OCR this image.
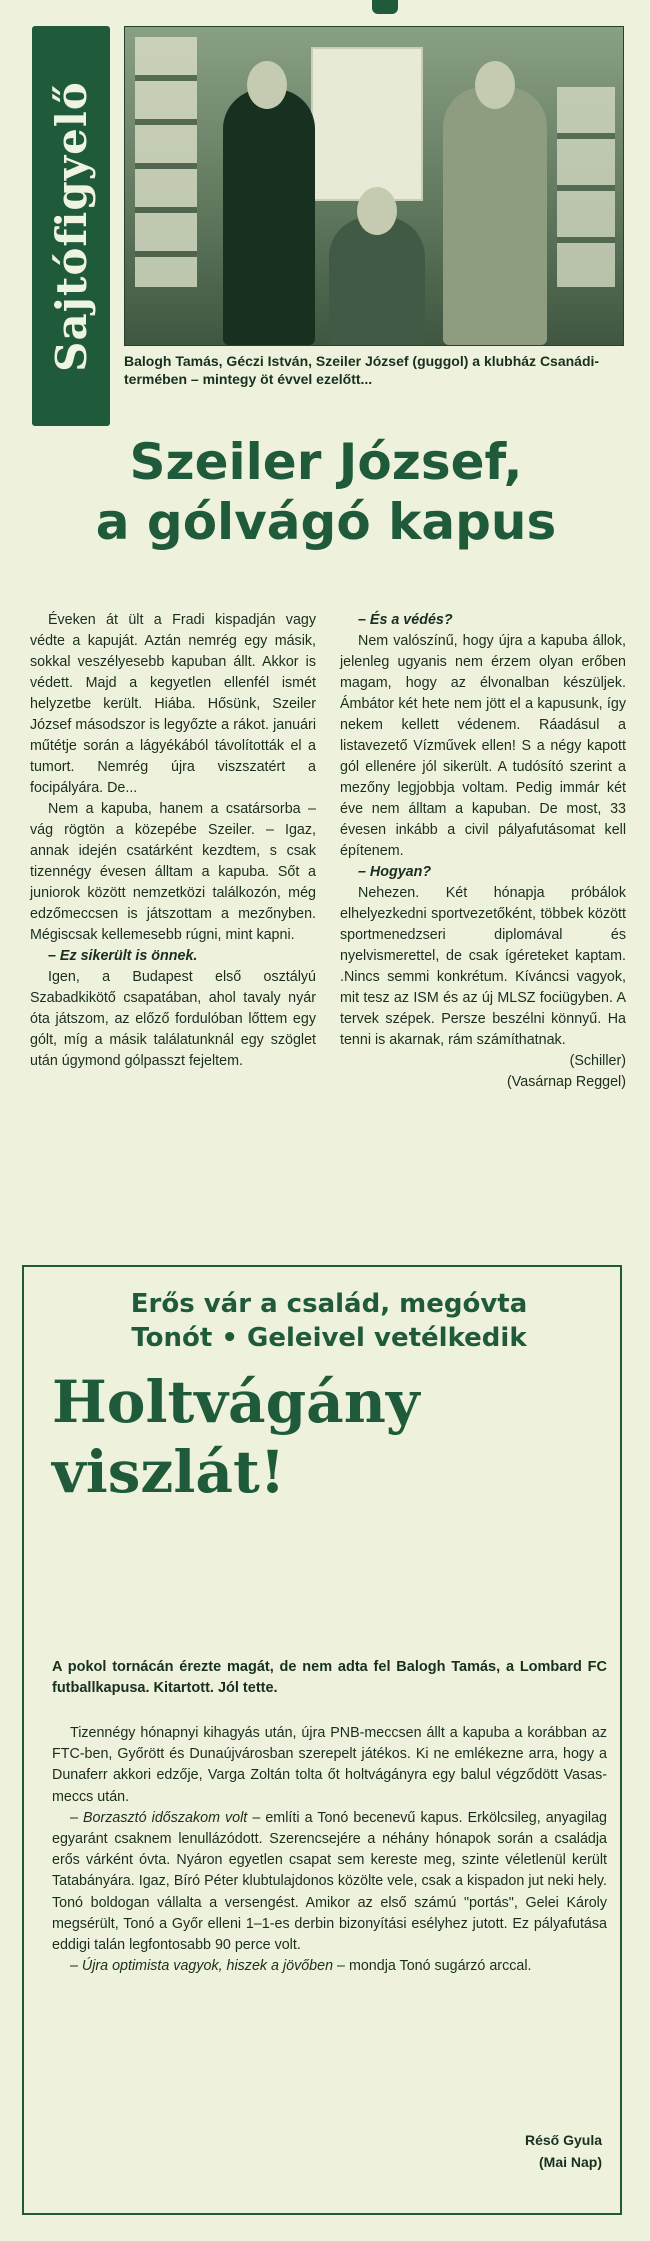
Sajtófigyelő Balogh Tamás, Géczi István, Szeiler József (guggol) a klubház Csanádi-termében – mintegy öt évvel ezelőtt...
Szeiler József,
a gólvágó kapus

Éveken át ült a Fradi kispadján vagy védte a kapuját. Aztán nemrég egy másik, sokkal veszélyesebb kapuban állt. Akkor is védett. Majd a kegyetlen ellenfél ismét helyzetbe került. Hiába. Hősünk, Szeiler József másodszor is legyőzte a rákot. januári műtétje során a lágyékából távolították el a tumort. Nemrég újra viszszatért a focipályára. De...

Nem a kapuba, hanem a csatársorba – vág rögtön a közepébe Szeiler. – Igaz, annak idején csatárként kezdtem, s csak tizennégy évesen álltam a kapuba. Sőt a juniorok között nemzetközi találkozón, még edzőmeccsen is játszottam a mezőnyben. Mégiscsak kellemesebb rúgni, mint kapni.

– Ez sikerült is önnek.

Igen, a Budapest első osztályú Szabadkikötő csapatában, ahol tavaly nyár óta játszom, az előző fordulóban lőttem egy gólt, míg a másik találatunknál egy szöglet után úgymond gólpasszt fejeltem.

– És a védés?

Nem valószínű, hogy újra a kapuba állok, jelenleg ugyanis nem érzem olyan erőben magam, hogy az élvonalban készüljek. Ámbátor két hete nem jött el a kapusunk, így nekem kellett védenem. Ráadásul a listavezető Vízművek ellen! S a négy kapott gól ellenére jól sikerült. A tudósító szerint a mezőny legjobbja voltam. Pedig immár két éve nem álltam a kapuban. De most, 33 évesen inkább a civil pályafutásomat kell építenem.

– Hogyan?

Nehezen. Két hónapja próbálok elhelyezkedni sportvezetőként, többek között sportmenedzseri diplomával és nyelvismerettel, de csak ígéreteket kaptam. .Nincs semmi konkrétum. Kíváncsi vagyok, mit tesz az ISM és az új MLSZ fociügyben. A tervek szépek. Persze beszélni könnyű. Ha tenni is akarnak, rám számíthatnak.

(Schiller)

(Vasárnap Reggel)

Erős vár a család, megóvta
Tonót • Geleivel vetélkedik
Holtvágány
viszlát!
A pokol tornácán érezte magát, de nem adta fel Balogh Tamás, a Lombard FC futballkapusa. Kitartott. Jól tette.

Tizennégy hónapnyi kihagyás után, újra PNB-meccsen állt a kapuba a korábban az FTC-ben, Győrött és Dunaújvárosban szerepelt játékos. Ki ne emlékezne arra, hogy a Dunaferr akkori edzője, Varga Zoltán tolta őt holtvágányra egy balul végződött Vasas-meccs után.

– Borzasztó időszakom volt – említi a Tonó becenevű kapus. Erkölcsileg, anyagilag egyaránt csaknem lenullázódott. Szerencsejére a néhány hónapok során a családja erős várként óvta. Nyáron egyetlen csapat sem kereste meg, szinte véletlenül került Tatabányára. Igaz, Bíró Péter klubtulajdonos közölte vele, csak a kispadon jut neki hely. Tonó boldogan vállalta a versengést. Amikor az első számú "portás", Gelei Károly megsérült, Tonó a Győr elleni 1–1-es derbin bizonyítási esélyhez jutott. Ez pályafutása eddigi talán legfontosabb 90 perce volt.

– Újra optimista vagyok, hiszek a jövőben – mondja Tonó sugárzó arccal.

Réső Gyula
(Mai Nap)
